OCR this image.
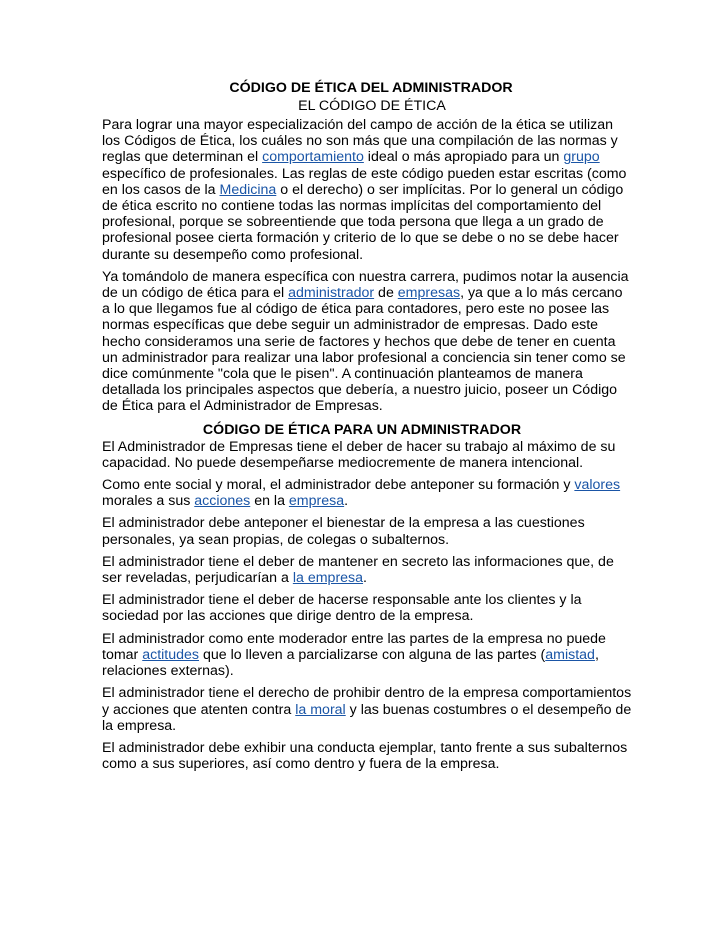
CÓDIGO DE ÉTICA DEL ADMINISTRADOR
EL CÓDIGO DE ÉTICA

Para lograr una mayor especialización del campo de acción de la ética se utilizan los Códigos de Ética, los cuáles no son más que una compilación de las normas y reglas que determinan el comportamiento ideal o más apropiado para un grupo específico de profesionales. Las reglas de este código pueden estar escritas (como en los casos de la Medicina o el derecho) o ser implícitas. Por lo general un código de ética escrito no contiene todas las normas implícitas del comportamiento del profesional, porque se sobreentiende que toda persona que llega a un grado de profesional posee cierta formación y criterio de lo que se debe o no se debe hacer durante su desempeño como profesional.

Ya tomándolo de manera específica con nuestra carrera, pudimos notar la ausencia de un código de ética para el administrador de empresas, ya que a lo más cercano a lo que llegamos fue al código de ética para contadores, pero este no posee las normas específicas que debe seguir un administrador de empresas. Dado este hecho consideramos una serie de factores y hechos que debe de tener en cuenta un administrador para realizar una labor profesional a conciencia sin tener como se dice comúnmente "cola que le pisen". A continuación planteamos de manera detallada los principales aspectos que debería, a nuestro juicio, poseer un Código de Ética para el Administrador de Empresas.

CÓDIGO DE ÉTICA PARA UN ADMINISTRADOR

El Administrador de Empresas tiene el deber de hacer su trabajo al máximo de su capacidad. No puede desempeñarse mediocremente de manera intencional.

Como ente social y moral, el administrador debe anteponer su formación y valores morales a sus acciones en la empresa.

El administrador debe anteponer el bienestar de la empresa a las cuestiones personales, ya sean propias, de colegas o subalternos.

El administrador tiene el deber de mantener en secreto las informaciones que, de ser reveladas, perjudicarían a la empresa.

El administrador tiene el deber de hacerse responsable ante los clientes y la sociedad por las acciones que dirige dentro de la empresa.

El administrador como ente moderador entre las partes de la empresa no puede tomar actitudes que lo lleven a parcializarse con alguna de las partes (amistad, relaciones externas).

El administrador tiene el derecho de prohibir dentro de la empresa comportamientos y acciones que atenten contra la moral y las buenas costumbres o el desempeño de la empresa.

El administrador debe exhibir una conducta ejemplar, tanto frente a sus subalternos como a sus superiores, así como dentro y fuera de la empresa.
